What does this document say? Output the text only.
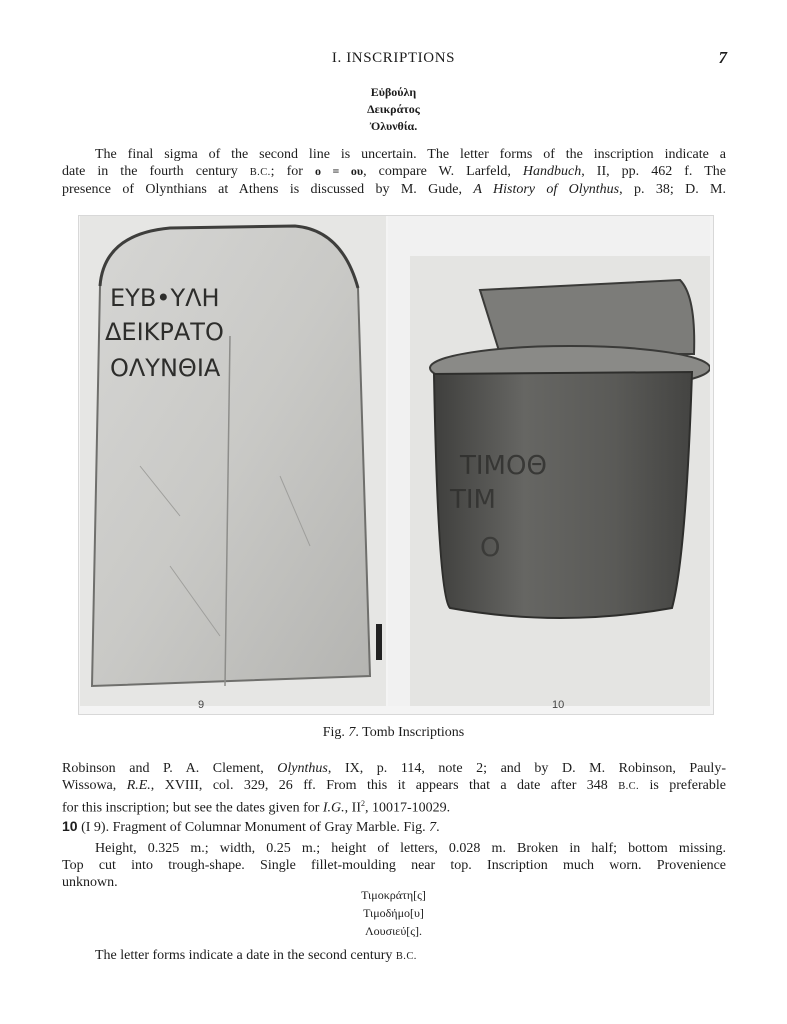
I. INSCRIPTIONS	7
Εὐβούλη
Δεικράτος
Ὀλυνθία.
The final sigma of the second line is uncertain. The letter forms of the inscription indicate a
date in the fourth century B.C.; for ο = ου, compare W. Larfeld, Handbuch, II, pp. 462 f. The
presence of Olynthians at Athens is discussed by M. Gude, A History of Olynthus, p. 38; D. M.
ΕΥΒ•ΥΛΗ
ΔΕΙΚΡΑΤΟ
ΟΛΥΝΘΙΑ
9
ΤΙΜΟΘ
ΤΙΜ
Ο
10
Fig. 7. Tomb Inscriptions
Robinson and P. A. Clement, Olynthus, IX, p. 114, note 2; and by D. M. Robinson, Pauly-
Wissowa, R.E., XVIII, col. 329, 26 ff. From this it appears that a date after 348 B.C. is preferable
for this inscription; but see the dates given for I.G., $II^2$, 10017-10029.
10 (I 9). Fragment of Columnar Monument of Gray Marble. Fig. 7.
Height, 0.325 m.; width, 0.25 m.; height of letters, 0.028 m. Broken in half; bottom missing.
Top cut into trough-shape. Single fillet-moulding near top. Inscription much worn. Provenience
unknown.
Τιμοκράτη[ς]
Τιμοδήμο[υ]
Λουσιεύ[ς].
The letter forms indicate a date in the second century B.C.
